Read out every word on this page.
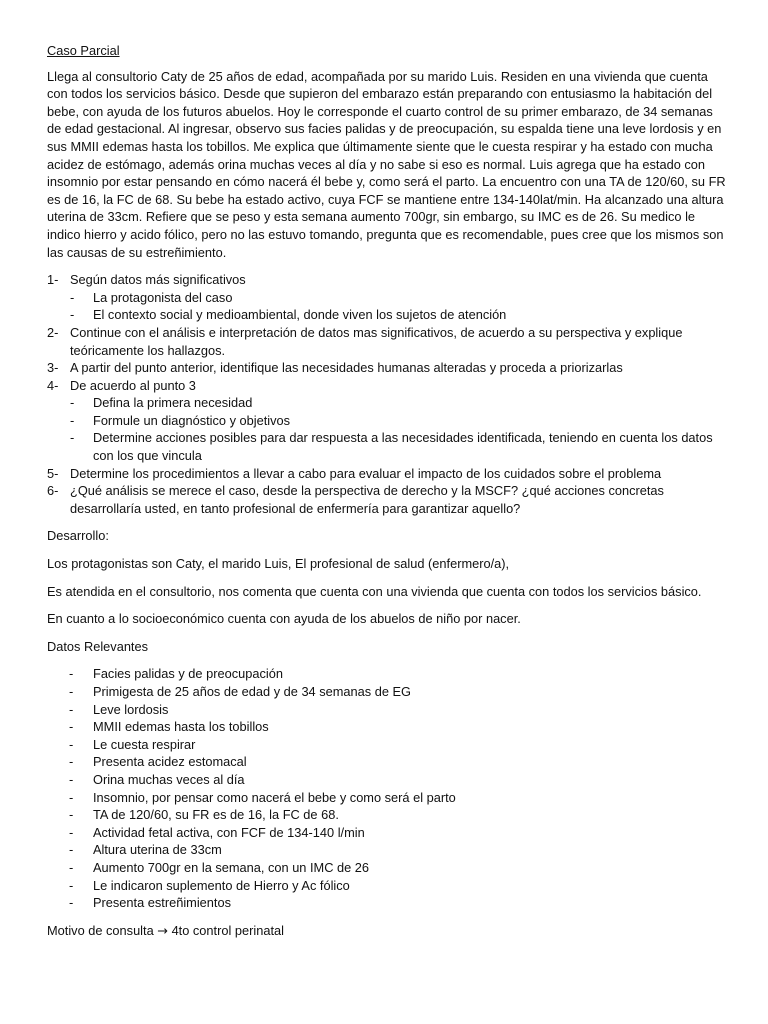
Caso Parcial
Llega al consultorio Caty de 25 años de edad, acompañada por su marido Luis. Residen en una vivienda que cuenta con todos los servicios básico. Desde que supieron del embarazo están preparando con entusiasmo la habitación del bebe, con ayuda de los futuros abuelos. Hoy le corresponde el cuarto control de su primer embarazo, de 34 semanas de edad gestacional. Al ingresar, observo sus facies palidas y de preocupación, su espalda tiene una leve lordosis y en sus MMII edemas hasta los tobillos. Me explica que últimamente siente que le cuesta respirar y ha estado con mucha acidez de estómago, además orina muchas veces al día y no sabe si eso es normal. Luis agrega que ha estado con insomnio por estar pensando en cómo nacerá él bebe y, como será el parto. La encuentro con una TA de 120/60, su FR es de 16, la FC de 68. Su bebe ha estado activo, cuya FCF se mantiene entre 134-140lat/min. Ha alcanzado una altura uterina de 33cm. Refiere que se peso y esta semana aumento 700gr, sin embargo, su IMC es de 26. Su medico le indico hierro y acido fólico, pero no las estuvo tomando, pregunta que es recomendable, pues cree que los mismos son las causas de su estreñimiento.
1- Según datos más significativos
-	La protagonista del caso
-	El contexto social y medioambiental, donde viven los sujetos de atención
2- Continue con el análisis e interpretación de datos mas significativos, de acuerdo a su perspectiva y explique teóricamente los hallazgos.
3- A partir del punto anterior, identifique las necesidades humanas alteradas y proceda a priorizarlas
4- De acuerdo al punto 3
-	Defina la primera necesidad
-	Formule un diagnóstico y objetivos
-	Determine acciones posibles para dar respuesta a las necesidades identificada, teniendo en cuenta los datos con los que vincula
5- Determine los procedimientos a llevar a cabo para evaluar el impacto de los cuidados sobre el problema
6- ¿Qué análisis se merece el caso, desde la perspectiva de derecho y la MSCF? ¿qué acciones concretas desarrollaría usted, en tanto profesional de enfermería para garantizar aquello?
Desarrollo:
Los protagonistas son Caty, el marido Luis, El profesional de salud (enfermero/a),
Es atendida en el consultorio, nos comenta que cuenta con una vivienda que cuenta con todos los servicios básico.
En cuanto a lo socioeconómico cuenta con ayuda de los abuelos de niño por nacer.
Datos Relevantes
-	Facies palidas y de preocupación
-	Primigesta de 25 años de edad y de 34 semanas de EG
-	Leve lordosis
-	MMII edemas hasta los tobillos
-	Le cuesta respirar
-	Presenta acidez estomacal
-	Orina muchas veces al día
-	Insomnio, por pensar como nacerá el bebe y como será el parto
-	TA de 120/60, su FR es de 16, la FC de 68.
-	Actividad fetal activa, con FCF de 134-140 l/min
-	Altura uterina de 33cm
-	Aumento 700gr en la semana, con un IMC de 26
-	Le indicaron suplemento de Hierro y Ac fólico
-	Presenta estreñimientos
Motivo de consulta → 4to control perinatal
